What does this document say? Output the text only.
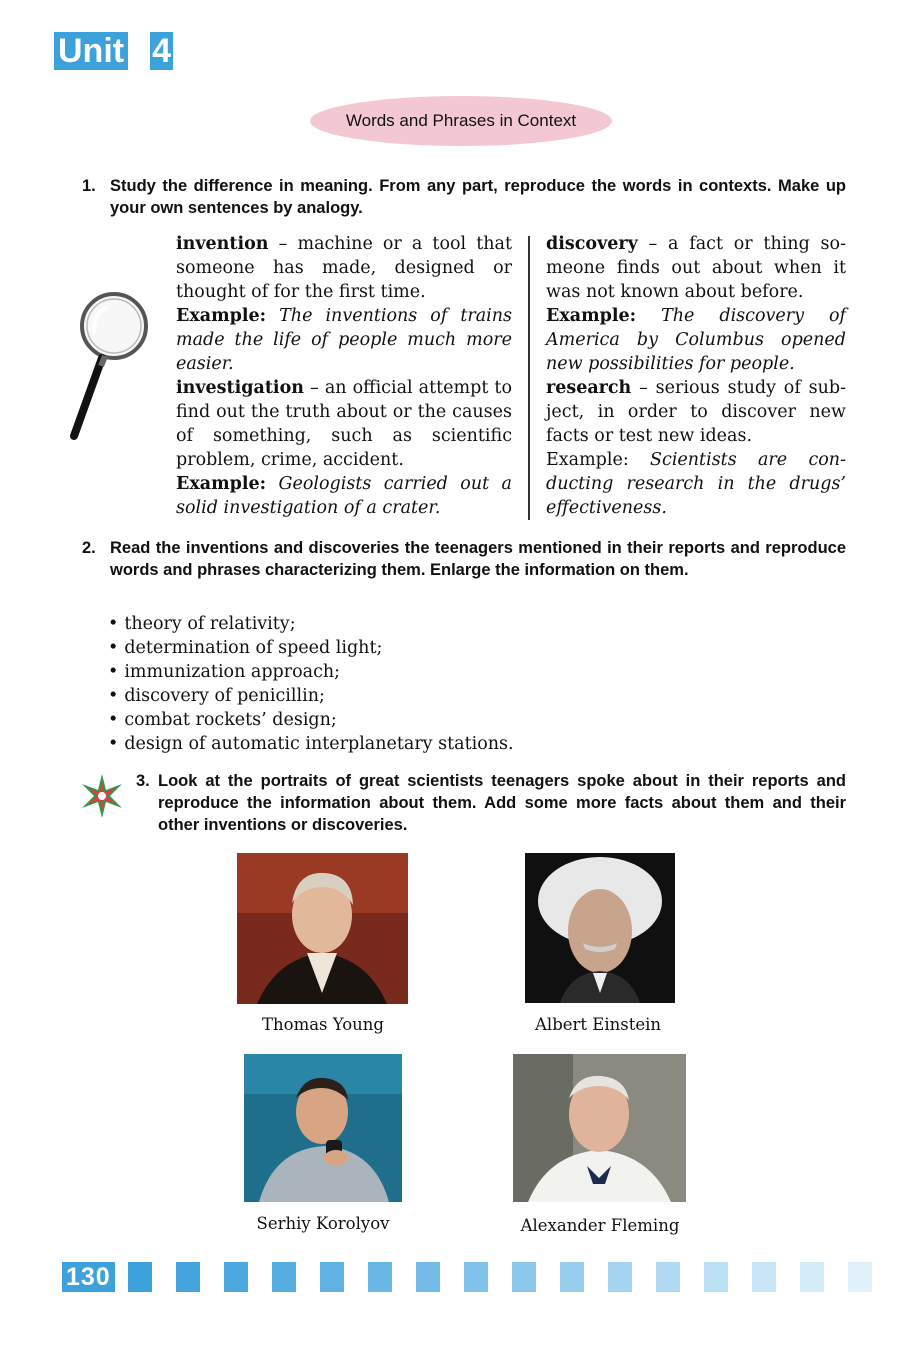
Unit 4
Words and Phrases in Context
1. Study the difference in meaning. From any part, reproduce the words in contexts. Make up your own sentences by analogy.
invention – machine or a tool that someone has made, designed or thought of for the first time.
Example: The inventions of trains made the life of people much more easier.
investigation – an official attempt to find out the truth about or the causes of something, such as scientific problem, crime, accident.
Example: Geologists carried out a solid investigation of a crater.
discovery – a fact or thing someone finds out about when it was not known about before.
Example: The discovery of America by Columbus opened new possibilities for people.
research – serious study of subject, in order to discover new facts or test new ideas.
Example: Scientists are conducting research in the drugs’ effectiveness.
2. Read the inventions and discoveries the teenagers mentioned in their reports and reproduce words and phrases characterizing them. Enlarge the information on them.
• theory of relativity;
• determination of speed light;
• immunization approach;
• discovery of penicillin;
• combat rockets’ design;
• design of automatic interplanetary stations.
3. Look at the portraits of great scientists teenagers spoke about in their reports and reproduce the information about them. Add some more facts about them and their other inventions or discoveries.
Thomas Young	Albert Einstein
Serhiy Korolyov	Alexander Fleming
130
